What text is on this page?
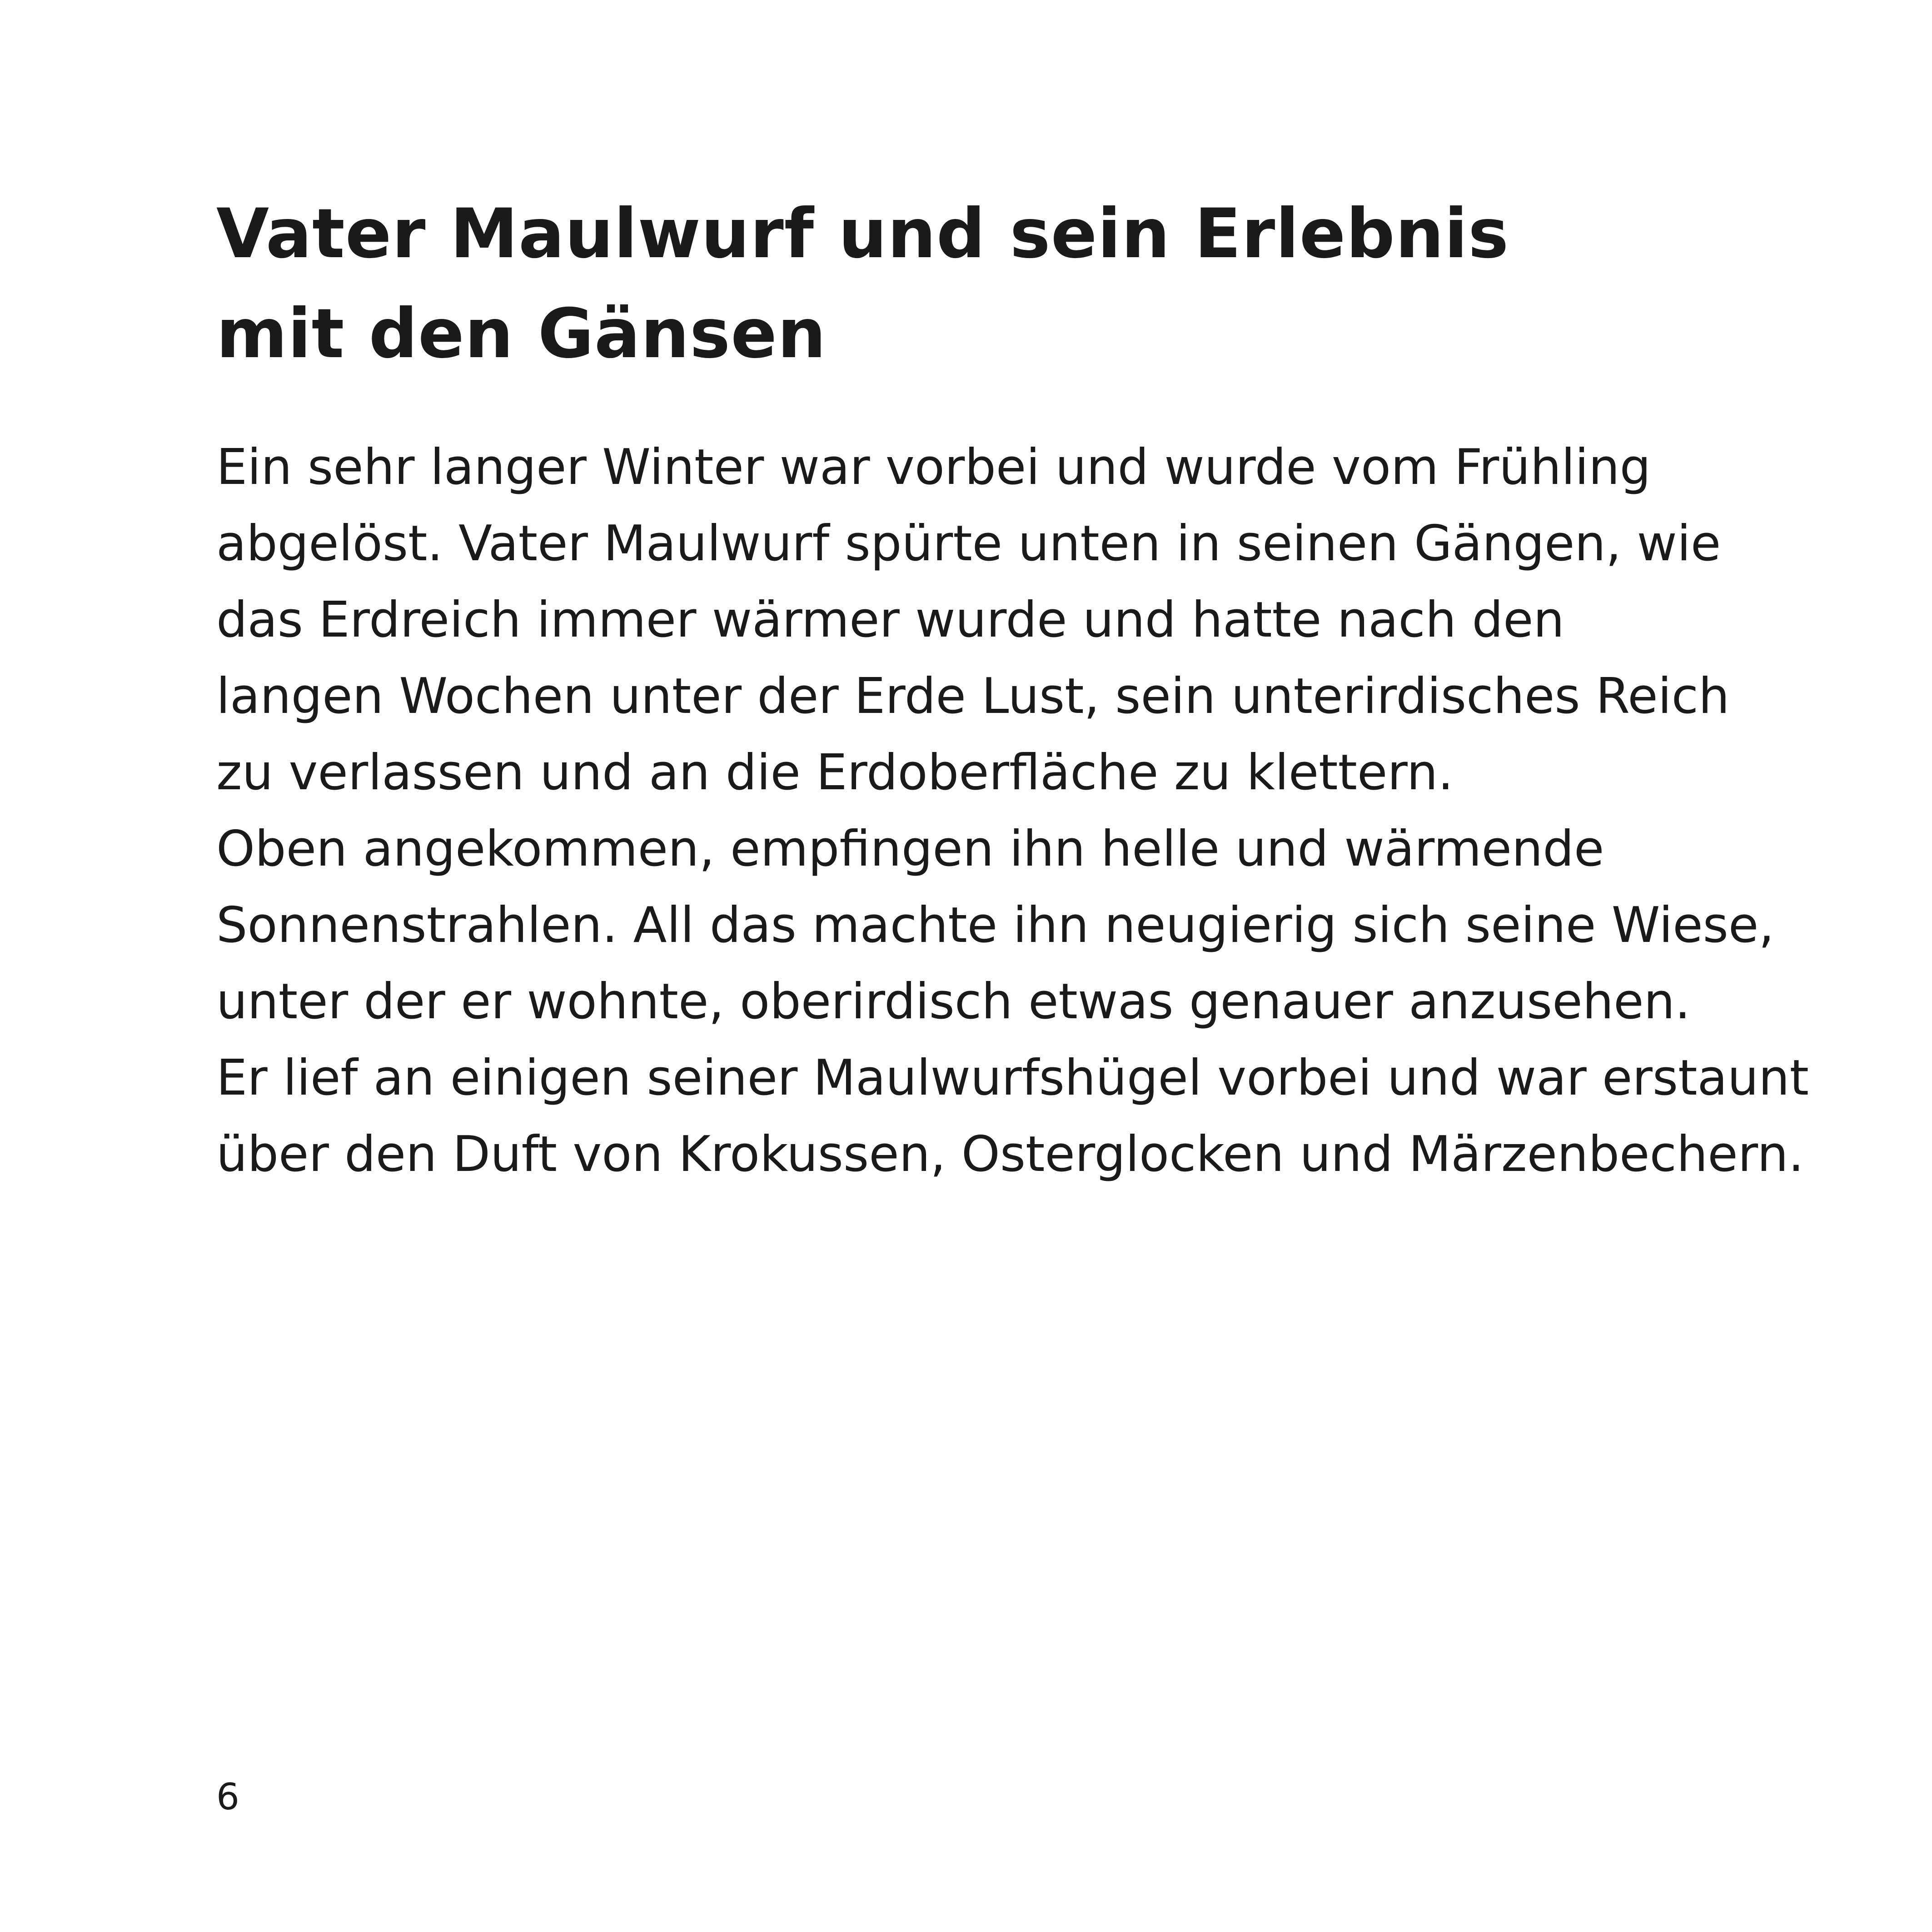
Vater Maulwurf und sein Erlebnis
mit den Gänsen
Ein sehr langer Winter war vorbei und wurde vom Frühling
abgelöst. Vater Maulwurf spürte unten in seinen Gängen, wie
das Erdreich immer wärmer wurde und hatte nach den
langen Wochen unter der Erde Lust, sein unterirdisches Reich
zu verlassen und an die Erdoberfläche zu klettern.
Oben angekommen, empfingen ihn helle und wärmende
Sonnenstrahlen. All das machte ihn neugierig sich seine Wiese,
unter der er wohnte, oberirdisch etwas genauer anzusehen.
Er lief an einigen seiner Maulwurfshügel vorbei und war erstaunt
über den Duft von Krokussen, Osterglocken und Märzenbechern.
6
